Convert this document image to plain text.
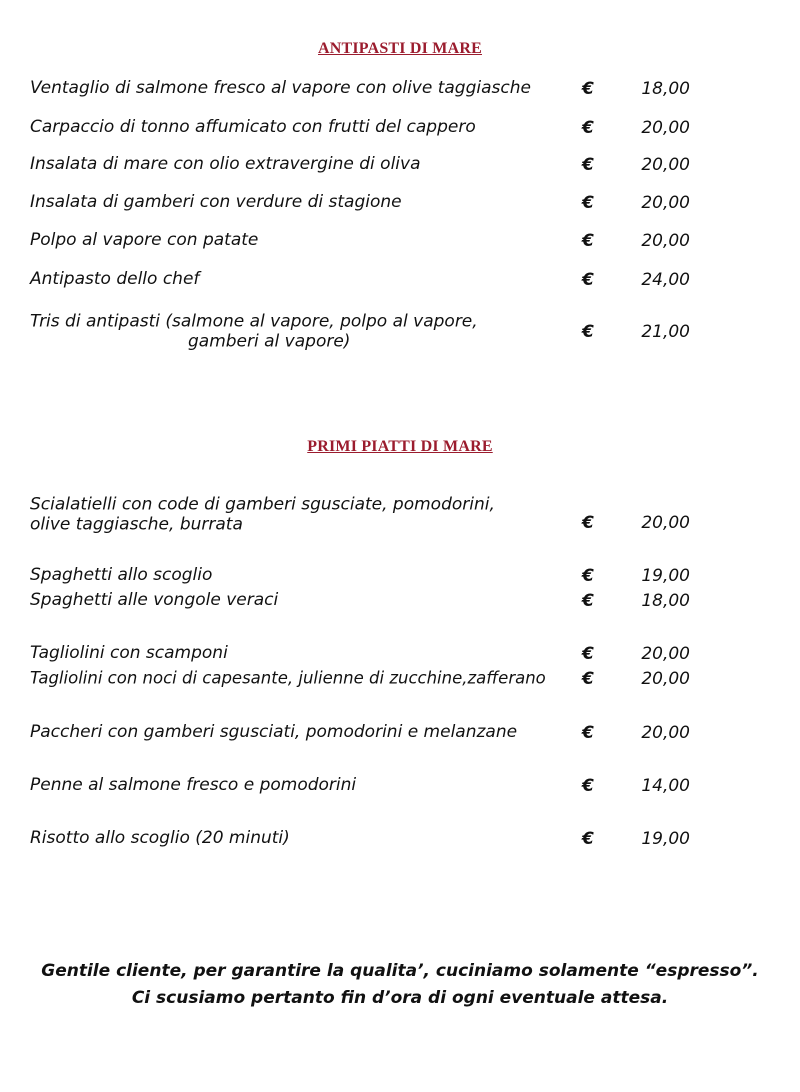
ANTIPASTI DI MARE
Ventaglio di salmone fresco al vapore con olive taggiasche	€	18,00
Carpaccio di tonno affumicato con frutti del cappero	€	20,00
Insalata di mare con olio extravergine di oliva	€	20,00
Insalata di gamberi con verdure di stagione	€	20,00
Polpo al vapore con patate	€	20,00
Antipasto dello chef	€	24,00
Tris di antipasti (salmone al vapore, polpo al vapore,
gamberi al vapore)	€	21,00
PRIMI PIATTI DI MARE
Scialatielli con code di gamberi sgusciate, pomodorini,
olive taggiasche, burrata	€	20,00
Spaghetti allo scoglio	€	19,00
Spaghetti alle vongole veraci	€	18,00
Tagliolini con scamponi	€	20,00
Tagliolini con noci di capesante, julienne di zucchine,zafferano €	20,00
Paccheri con gamberi sgusciati, pomodorini e melanzane	€	20,00
Penne al salmone fresco e pomodorini	€	14,00
Risotto allo scoglio (20 minuti)	€	19,00
Gentile cliente, per garantire la qualita’, cuciniamo solamente “espresso”.
Ci scusiamo pertanto fin d’ora di ogni eventuale attesa.
